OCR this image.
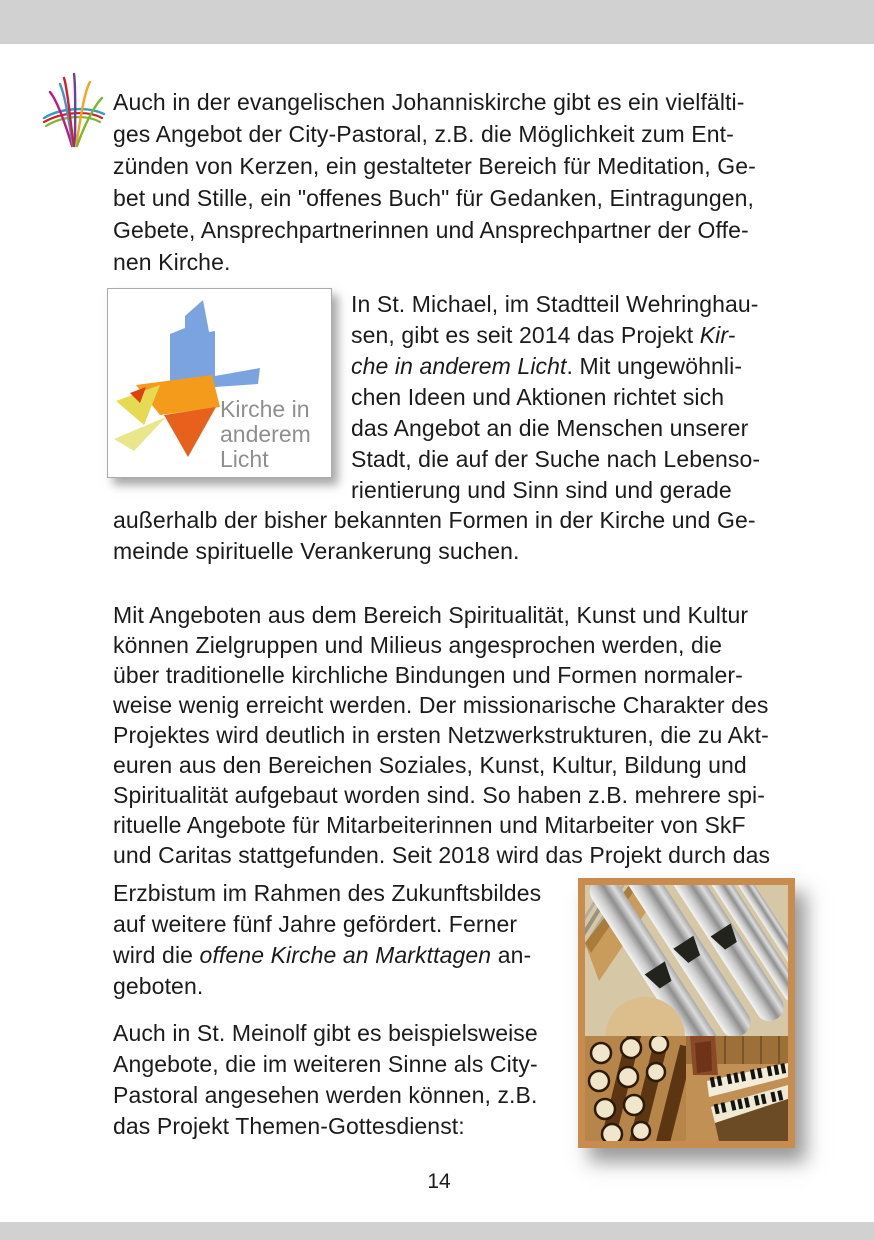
Auch in der evangelischen Johanniskirche gibt es ein vielfälti-
ges Angebot der City-Pastoral, z.B. die Möglichkeit zum Ent-
zünden von Kerzen, ein gestalteter Bereich für Meditation, Ge-
bet und Stille, ein "offenes Buch" für Gedanken, Eintragungen,
Gebete, Ansprechpartnerinnen und Ansprechpartner der Offe-
nen Kirche.
Kirche in
anderem
Licht
In St. Michael, im Stadtteil Wehringhau-
sen, gibt es seit 2014 das Projekt Kir-
che in anderem Licht. Mit ungewöhnli-
chen Ideen und Aktionen richtet sich
das Angebot an die Menschen unserer
Stadt, die auf der Suche nach Lebenso-
rientierung und Sinn sind und gerade
außerhalb der bisher bekannten Formen in der Kirche und Ge-
meinde spirituelle Verankerung suchen.
Mit Angeboten aus dem Bereich Spiritualität, Kunst und Kultur
können Zielgruppen und Milieus angesprochen werden, die
über traditionelle kirchliche Bindungen und Formen normaler-
weise wenig erreicht werden. Der missionarische Charakter des
Projektes wird deutlich in ersten Netzwerkstrukturen, die zu Akt-
euren aus den Bereichen Soziales, Kunst, Kultur, Bildung und
Spiritualität aufgebaut worden sind. So haben z.B. mehrere spi-
rituelle Angebote für Mitarbeiterinnen und Mitarbeiter von SkF
und Caritas stattgefunden. Seit 2018 wird das Projekt durch das
Erzbistum im Rahmen des Zukunftsbildes
auf weitere fünf Jahre gefördert. Ferner
wird die offene Kirche an Markttagen an-
geboten.
Auch in St. Meinolf gibt es beispielsweise
Angebote, die im weiteren Sinne als City-
Pastoral angesehen werden können, z.B.
das Projekt Themen-Gottesdienst:
14
